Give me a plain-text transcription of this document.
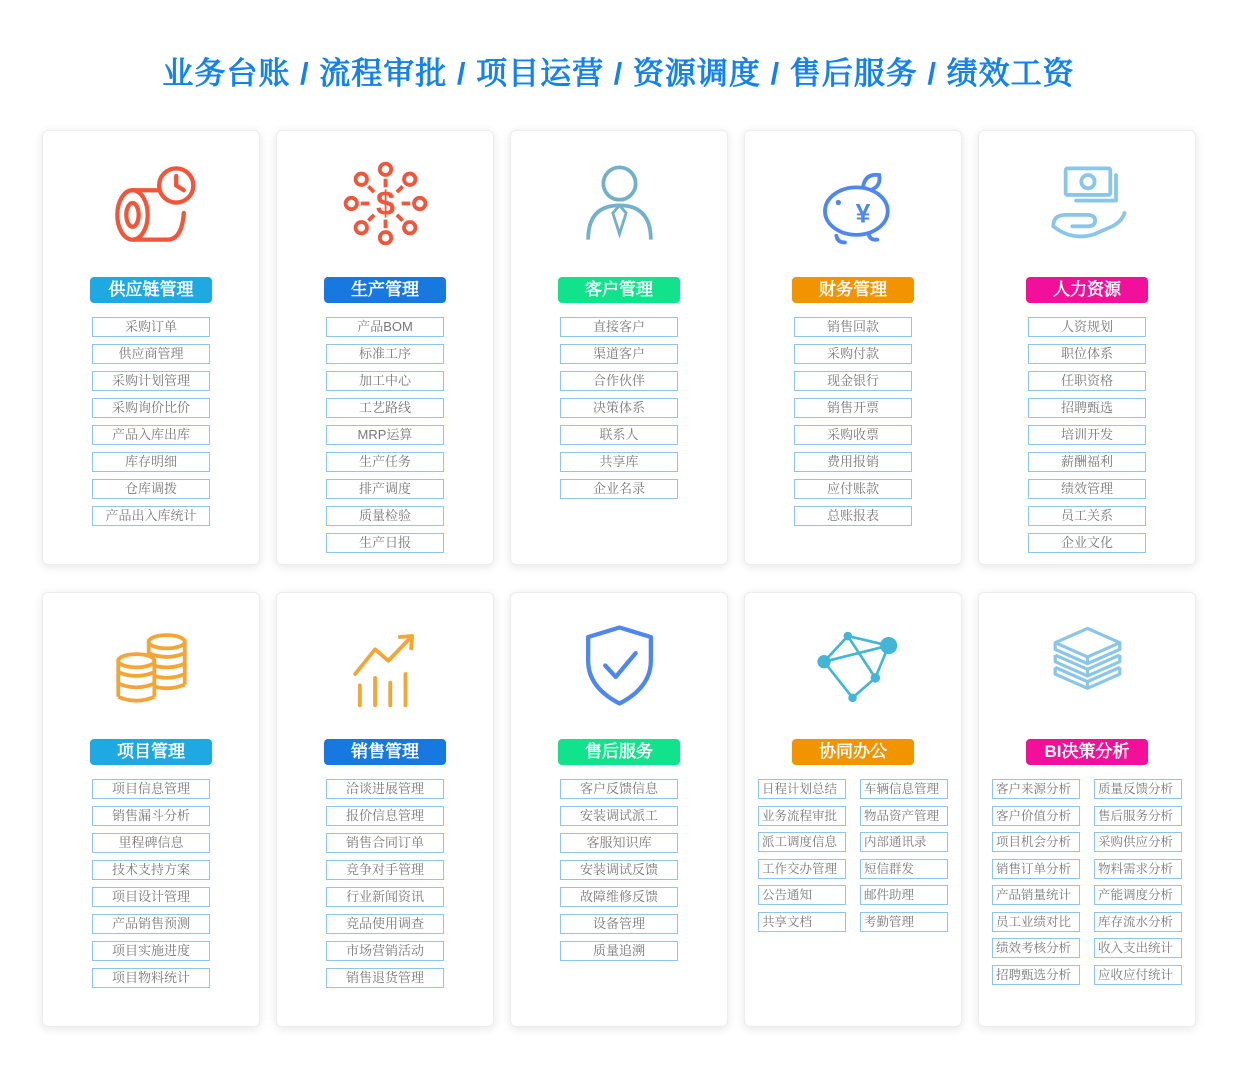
业务台账 / 流程审批 / 项目运营 / 资源调度 / 售后服务 / 绩效工资
供应链管理
采购订单
供应商管理
采购计划管理
采购询价比价
产品入库出库
库存明细
仓库调拨
产品出入库统计
$
生产管理
产品BOM
标准工序
加工中心
工艺路线
MRP运算
生产任务
排产调度
质量检验
生产日报
客户管理
直接客户
渠道客户
合作伙伴
决策体系
联系人
共享库
企业名录
¥
财务管理
销售回款
采购付款
现金银行
销售开票
采购收票
费用报销
应付账款
总账报表
人力资源
人资规划
职位体系
任职资格
招聘甄选
培训开发
薪酬福利
绩效管理
员工关系
企业文化
项目管理
项目信息管理
销售漏斗分析
里程碑信息
技术支持方案
项目设计管理
产品销售预测
项目实施进度
项目物料统计
销售管理
洽谈进展管理
报价信息管理
销售合同订单
竞争对手管理
行业新闻资讯
竞品使用调查
市场营销活动
销售退货管理
售后服务
客户反馈信息
安装调试派工
客服知识库
安装调试反馈
故障维修反馈
设备管理
质量追溯
协同办公
日程计划总结
业务流程审批
派工调度信息
工作交办管理
公告通知
共享文档
车辆信息管理
物品资产管理
内部通讯录
短信群发
邮件助理
考勤管理
BI决策分析
客户来源分析
客户价值分析
项目机会分析
销售订单分析
产品销量统计
员工业绩对比
绩效考核分析
招聘甄选分析
质量反馈分析
售后服务分析
采购供应分析
物料需求分析
产能调度分析
库存流水分析
收入支出统计
应收应付统计
